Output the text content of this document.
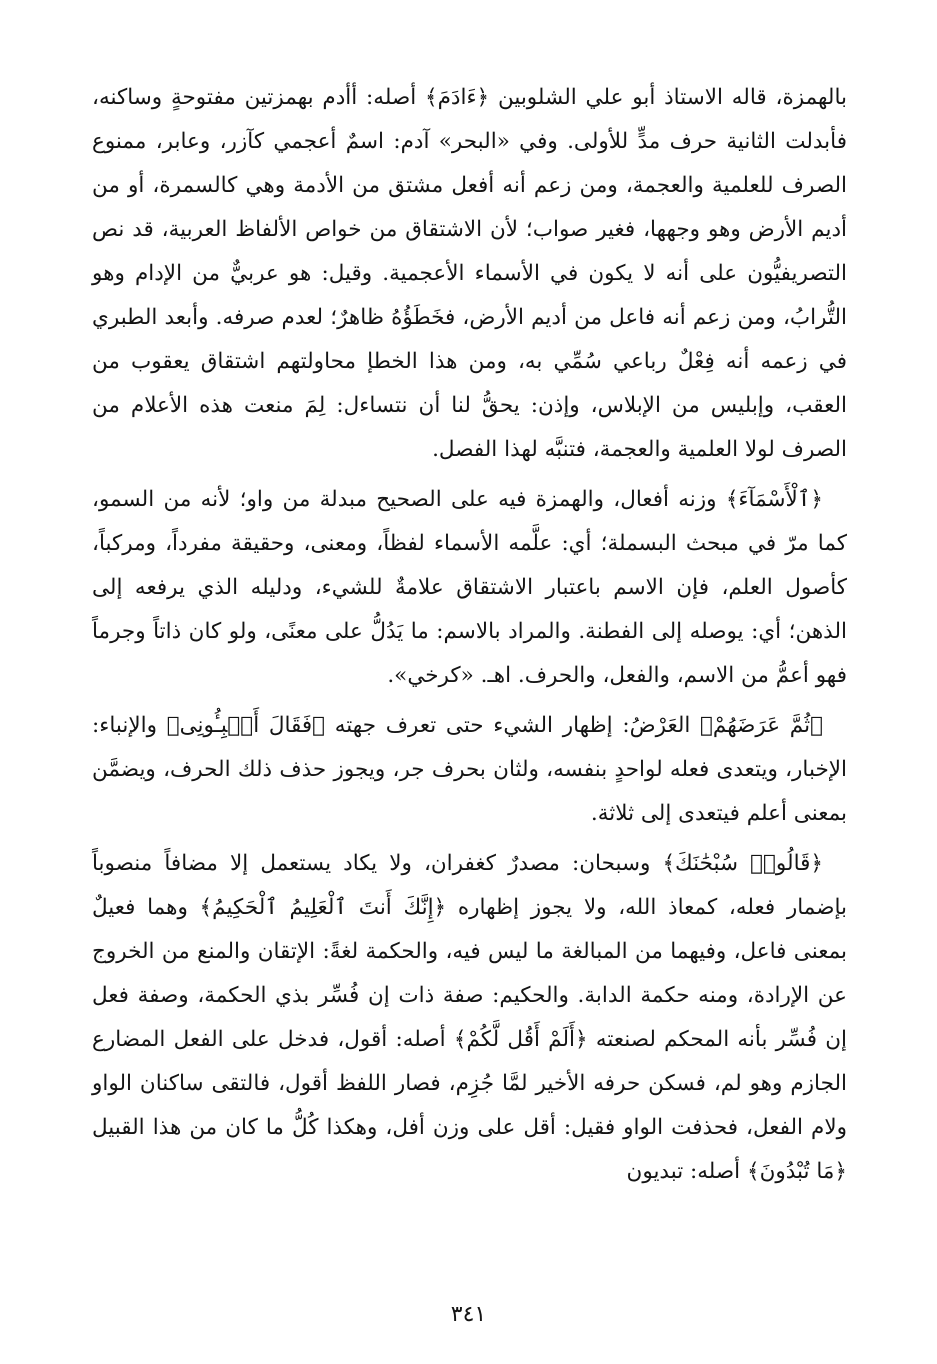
بالهمزة، قاله الاستاذ أبو علي الشلوبين ﴿ءَادَمَ﴾ أصله: أأدم بهمزتين مفتوحةٍ وساكنه، فأبدلت الثانية حرف مدٍّ للأولى. وفي «البحر» آدم: اسمٌ أعجمي كآزر، وعابر، ممنوع الصرف للعلمية والعجمة، ومن زعم أنه أفعل مشتق من الأدمة وهي كالسمرة، أو من أديم الأرض وهو وجهها، فغير صواب؛ لأن الاشتقاق من خواص الألفاظ العربية، قد نص التصريفيُّون على أنه لا يكون في الأسماء الأعجمية. وقيل: هو عربيٌّ من الإدام وهو التُّرابُ، ومن زعم أنه فاعل من أديم الأرض، فخَطَؤُهُ ظاهرٌ؛ لعدم صرفه. وأبعد الطبري في زعمه أنه فِعْلٌ رباعي سُمِّي به، ومن هذا الخطإ محاولتهم اشتقاق يعقوب من العقب، وإبليس من الإبلاس، وإذن: يحقُّ لنا أن نتساءل: لِمَ منعت هذه الأعلام من الصرف لولا العلمية والعجمة، فتنبَّه لهذا الفصل.

﴿ٱلْأَسْمَآءَ﴾ وزنه أفعال، والهمزة فيه على الصحيح مبدلة من واو؛ لأنه من السمو، كما مرّ في مبحث البسملة؛ أي: علَّمه الأسماء لفظاً، ومعنى، وحقيقة مفرداً، ومركباً، كأصول العلم، فإن الاسم باعتبار الاشتقاق علامةٌ للشيء، ودليله الذي يرفعه إلى الذهن؛ أي: يوصله إلى الفطنة. والمراد بالاسم: ما يَدُلُّ على معنًى، ولو كان ذاتاً وجرماً فهو أعمُّ من الاسم، والفعل، والحرف. اهـ. «كرخي».

﴿ثُمَّ عَرَضَهُمْ﴾ العَرْضُ: إظهار الشيء حتى تعرف جهته ﴿فَقَالَ أَنۢبِـُٔونِى﴾ والإنباء: الإخبار، ويتعدى فعله لواحدٍ بنفسه، ولثان بحرف جر، ويجوز حذف ذلك الحرف، ويضمَّن بمعنى أعلم فيتعدى إلى ثلاثة.

﴿قَالُوا۟ سُبْحَٰنَكَ﴾ وسبحان: مصدرٌ كغفران، ولا يكاد يستعمل إلا مضافاً منصوباً بإضمار فعله، كمعاذ الله، ولا يجوز إظهاره ﴿إِنَّكَ أَنتَ ٱلْعَلِيمُ ٱلْحَكِيمُ﴾ وهما فعيلٌ بمعنى فاعل، وفيهما من المبالغة ما ليس فيه، والحكمة لغةً: الإتقان والمنع من الخروج عن الإرادة، ومنه حكمة الدابة. والحكيم: صفة ذات إن فُسِّر بذي الحكمة، وصفة فعل إن فُسِّر بأنه المحكم لصنعته ﴿أَلَمْ أَقُل لَّكُمْ﴾ أصله: أقول، فدخل على الفعل المضارع الجازم وهو لم، فسكن حرفه الأخير لمَّا جُزِم، فصار اللفظ أقول، فالتقى ساكنان الواو ولام الفعل، فحذفت الواو فقيل: أقل على وزن أفل، وهكذا كُلُّ ما كان من هذا القبيل ﴿مَا تُبْدُونَ﴾ أصله: تبديون

٣٤١
